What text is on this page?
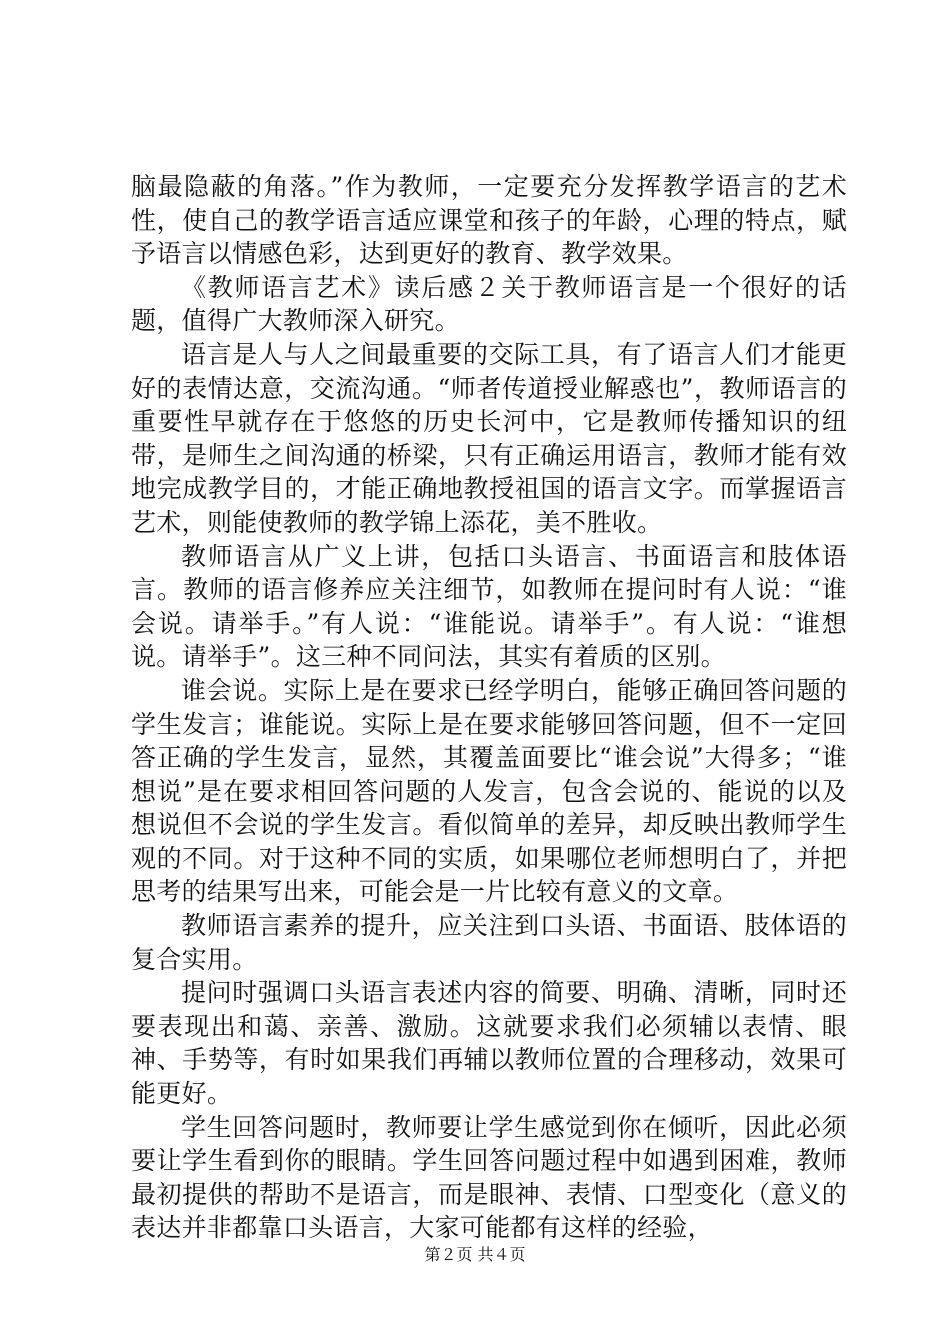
脑最隐蔽的角落。”作为教师，一定要充分发挥教学语言的艺术性，使自己的教学语言适应课堂和孩子的年龄，心理的特点，赋予语言以情感色彩，达到更好的教育、教学效果。

《教师语言艺术》读后感２关于教师语言是一个很好的话题，值得广大教师深入研究。

语言是人与人之间最重要的交际工具，有了语言人们才能更好的表情达意，交流沟通。“师者传道授业解惑也”，教师语言的重要性早就存在于悠悠的历史长河中，它是教师传播知识的纽带，是师生之间沟通的桥梁，只有正确运用语言，教师才能有效地完成教学目的，才能正确地教授祖国的语言文字。而掌握语言艺术，则能使教师的教学锦上添花，美不胜收。

教师语言从广义上讲，包括口头语言、书面语言和肢体语言。教师的语言修养应关注细节，如教师在提问时有人说：“谁会说。请举手。”有人说：“谁能说。请举手”。有人说：“谁想说。请举手”。这三种不同问法，其实有着质的区别。

谁会说。实际上是在要求已经学明白，能够正确回答问题的学生发言；谁能说。实际上是在要求能够回答问题，但不一定回答正确的学生发言，显然，其覆盖面要比“谁会说”大得多；“谁想说”是在要求相回答问题的人发言，包含会说的、能说的以及想说但不会说的学生发言。看似简单的差异，却反映出教师学生观的不同。对于这种不同的实质，如果哪位老师想明白了，并把思考的结果写出来，可能会是一片比较有意义的文章。

教师语言素养的提升，应关注到口头语、书面语、肢体语的复合实用。

提问时强调口头语言表述内容的简要、明确、清晰，同时还要表现出和蔼、亲善、激励。这就要求我们必须辅以表情、眼神、手势等，有时如果我们再辅以教师位置的合理移动，效果可能更好。

学生回答问题时，教师要让学生感觉到你在倾听，因此必须要让学生看到你的眼睛。学生回答问题过程中如遇到困难，教师最初提供的帮助不是语言，而是眼神、表情、口型变化（意义的表达并非都靠口头语言，大家可能都有这样的经验，

第２页 共４页
